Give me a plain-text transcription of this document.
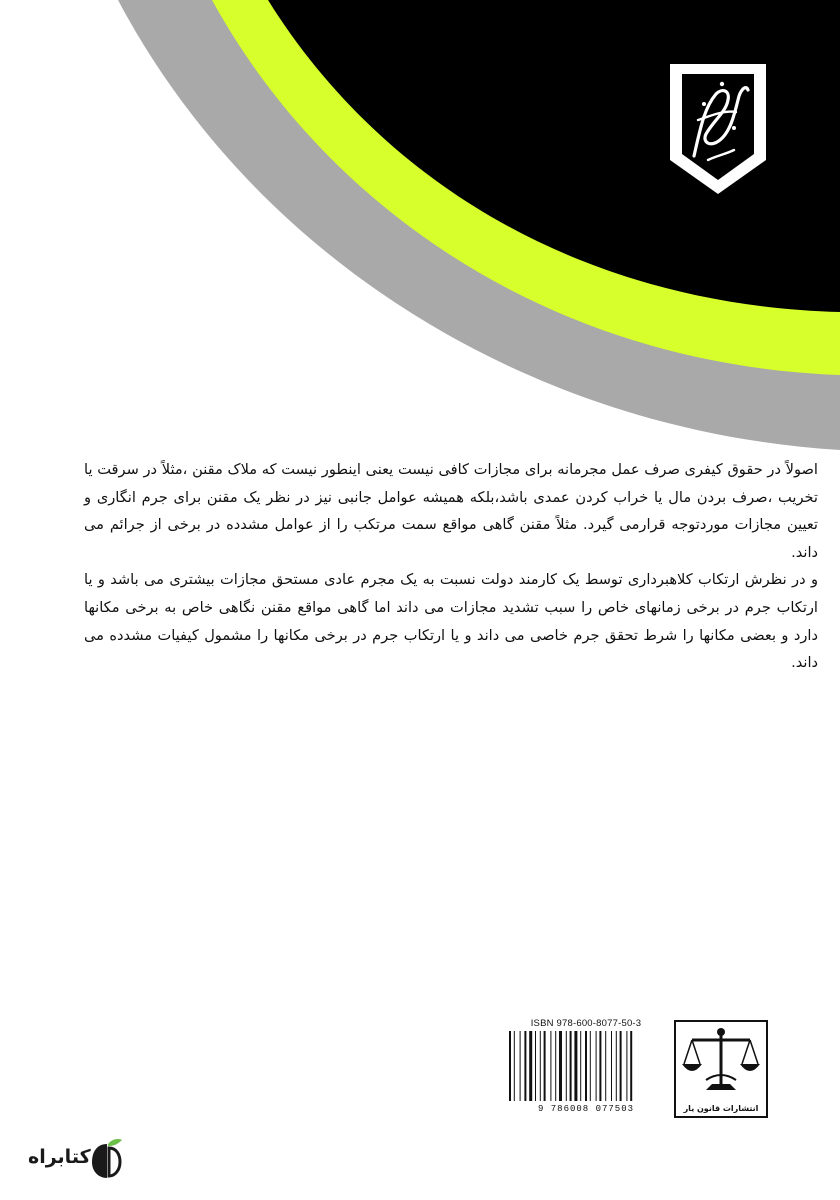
اصولاً در حقوق کیفری صرف عمل مجرمانه برای مجازات کافی نیست یعنی اینطور نیست که ملاک مقنن ،مثلاً در سرقت یا تخریب ،صرف بردن مال یا خراب کردن عمدی باشد،بلکه همیشه عوامل جانبی نیز در نظر یک مقنن برای جرم انگاری و تعیین مجازات موردتوجه قرارمی گیرد. مثلاً مقنن گاهی مواقع سمت مرتکب را از عوامل مشدده در برخی از جرائم می داند.

و در نظرش ارتکاب کلاهبرداری توسط یک کارمند دولت نسبت به یک مجرم عادی مستحق مجازات بیشتری می باشد و یا ارتکاب جرم در برخی زمانهای خاص را سبب تشدید مجازات می داند اما گاهی مواقع مقنن نگاهی خاص به برخی مکانها دارد و بعضی مکانها را شرط تحقق جرم خاصی می داند و یا ارتکاب جرم در برخی مکانها را مشمول کیفیات مشدده می داند.

ISBN 978-600-8077-50-3
9 786008 077503	انتشارات قانون یار
کتابراه
